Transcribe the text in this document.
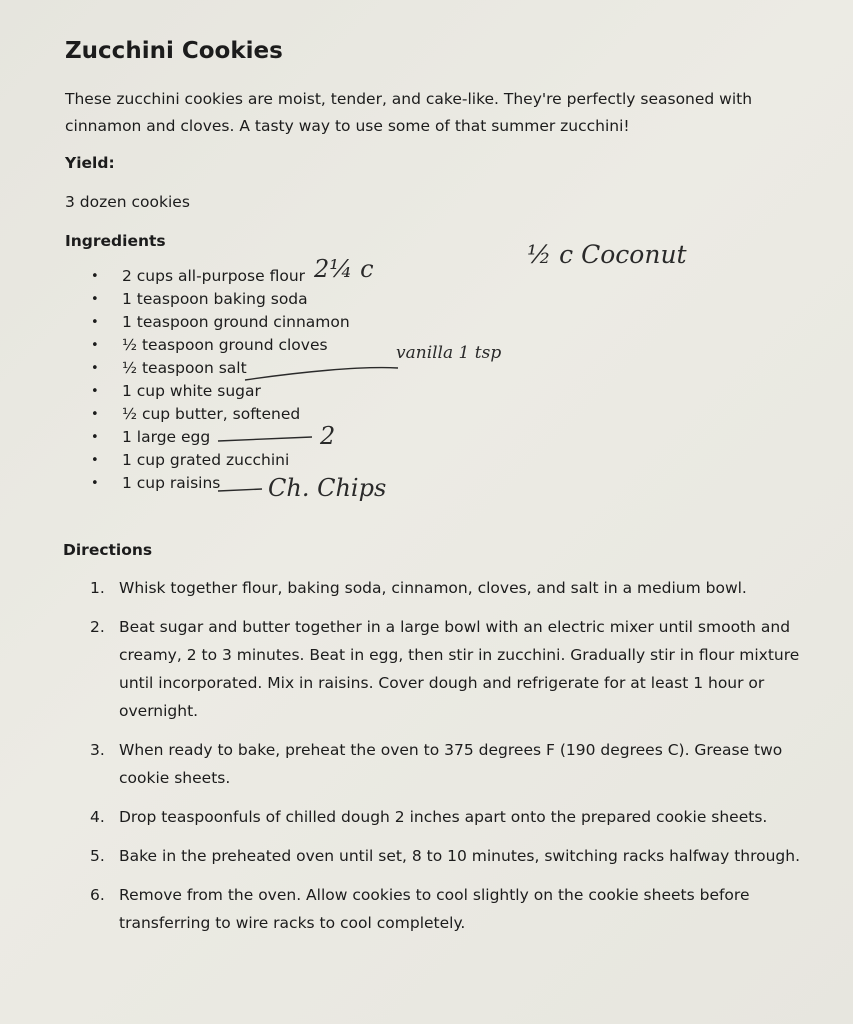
Zucchini Cookies

These zucchini cookies are moist, tender, and cake-like. They're perfectly seasoned with cinnamon and cloves. A tasty way to use some of that summer zucchini!

Yield:

3 dozen cookies

Ingredients

• 2 cups all-purpose flour
• 1 teaspoon baking soda
• 1 teaspoon ground cinnamon
• ½ teaspoon ground cloves
• ½ teaspoon salt
• 1 cup white sugar
• ½ cup butter, softened
• 1 large egg
• 1 cup grated zucchini
• 1 cup raisins
2¼ c	½ c Coconut
vanilla 1 tsp
2
Ch. Chips

Directions

1. Whisk together flour, baking soda, cinnamon, cloves, and salt in a medium bowl.
2. Beat sugar and butter together in a large bowl with an electric mixer until smooth and creamy, 2 to 3 minutes. Beat in egg, then stir in zucchini. Gradually stir in flour mixture until incorporated. Mix in raisins. Cover dough and refrigerate for at least 1 hour or overnight.
3. When ready to bake, preheat the oven to 375 degrees F (190 degrees C). Grease two cookie sheets.
4. Drop teaspoonfuls of chilled dough 2 inches apart onto the prepared cookie sheets.
5. Bake in the preheated oven until set, 8 to 10 minutes, switching racks halfway through.
6. Remove from the oven. Allow cookies to cool slightly on the cookie sheets before transferring to wire racks to cool completely.
